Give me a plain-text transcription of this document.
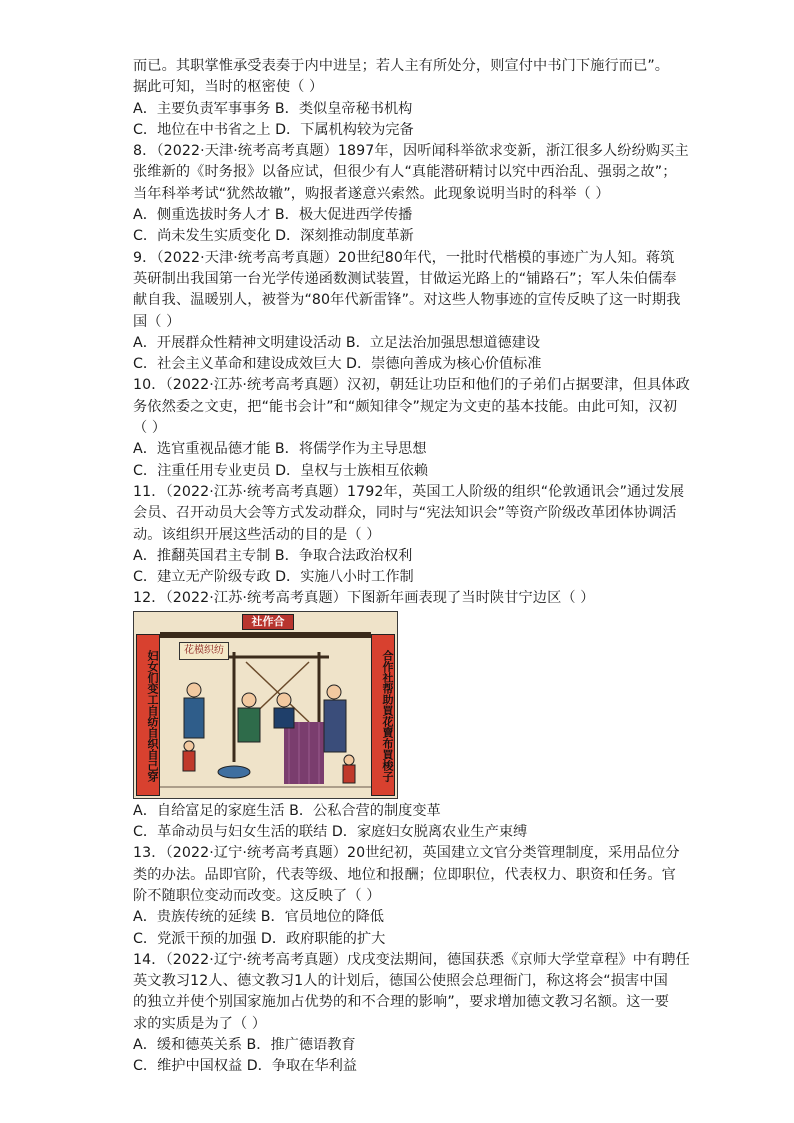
而已。其职掌惟承受表奏于内中进呈；若人主有所处分，则宣付中书门下施行而已”。
据此可知，当时的枢密使（ ）
A．主要负责军事事务 B．类似皇帝秘书机构
C．地位在中书省之上 D．下属机构较为完备
8．（2022·天津·统考高考真题）1897年，因听闻科举欲求变新，浙江很多人纷纷购买主
张维新的《时务报》以备应试，但很少有人“真能潜研精讨以究中西治乱、强弱之故”；
当年科举考试“犹然故辙”，购报者遂意兴索然。此现象说明当时的科举（ ）
A．侧重选拔时务人才 B．极大促进西学传播
C．尚未发生实质变化 D．深刻推动制度革新
9．（2022·天津·统考高考真题）20世纪80年代，一批时代楷模的事迹广为人知。蒋筑
英研制出我国第一台光学传递函数测试装置，甘做运光路上的“铺路石”；军人朱伯儒奉
献自我、温暖别人，被誉为“80年代新雷锋”。对这些人物事迹的宣传反映了这一时期我
国（ ）
A．开展群众性精神文明建设活动 B．立足法治加强思想道德建设
C．社会主义革命和建设成效巨大 D．崇德向善成为核心价值标准
10．（2022·江苏·统考高考真题）汉初，朝廷让功臣和他们的子弟们占据要津，但具体政
务依然委之文吏，把“能书会计”和“颇知律令”规定为文吏的基本技能。由此可知，汉初
（ ）
A．选官重视品德才能 B．将儒学作为主导思想
C．注重任用专业吏员 D．皇权与士族相互依赖
11．（2022·江苏·统考高考真题）1792年，英国工人阶级的组织“伦敦通讯会”通过发展
会员、召开动员大会等方式发动群众，同时与“宪法知识会”等资产阶级改革团体协调活
动。该组织开展这些活动的目的是（ ）
A．推翻英国君主专制 B．争取合法政治权利
C．建立无产阶级专政 D．实施八小时工作制
12．（2022·江苏·统考高考真题）下图新年画表现了当时陕甘宁边区（ ）
社作合
花模织纺
妇女们变工自纺自织自己穿	合作社帮助買花賣布買梭子
A．自给富足的家庭生活 B．公私合营的制度变革
C．革命动员与妇女生活的联结 D．家庭妇女脱离农业生产束缚
13．（2022·辽宁·统考高考真题）20世纪初，英国建立文官分类管理制度，采用品位分
类的办法。品即官阶，代表等级、地位和报酬；位即职位，代表权力、职资和任务。官
阶不随职位变动而改变。这反映了（ ）
A．贵族传统的延续 B．官员地位的降低
C．党派干预的加强 D．政府职能的扩大
14．（2022·辽宁·统考高考真题）戊戌变法期间，德国获悉《京师大学堂章程》中有聘任
英文教习12人、德文教习1人的计划后，德国公使照会总理衙门，称这将会“损害中国
的独立并使个别国家施加占优势的和不合理的影响”，要求增加德文教习名额。这一要
求的实质是为了（ ）
A．缓和德英关系 B．推广德语教育
C．维护中国权益 D．争取在华利益
